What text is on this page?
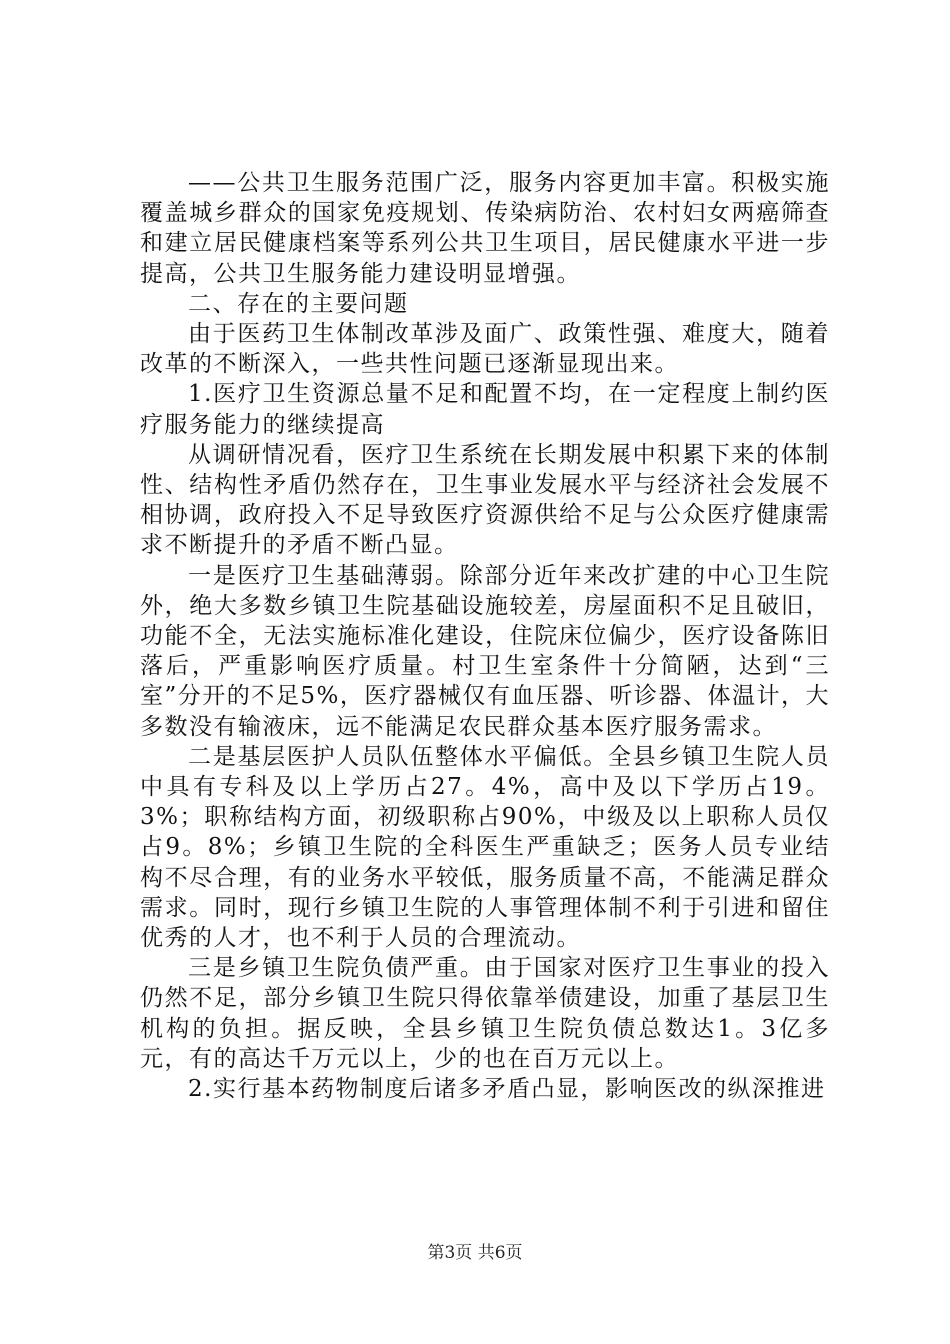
——公共卫生服务范围广泛，服务内容更加丰富。积极实施覆盖城乡群众的国家免疫规划、传染病防治、农村妇女两癌筛查和建立居民健康档案等系列公共卫生项目，居民健康水平进一步提高，公共卫生服务能力建设明显增强。

二、存在的主要问题

由于医药卫生体制改革涉及面广、政策性强、难度大，随着改革的不断深入，一些共性问题已逐渐显现出来。

1.医疗卫生资源总量不足和配置不均，在一定程度上制约医疗服务能力的继续提高

从调研情况看，医疗卫生系统在长期发展中积累下来的体制性、结构性矛盾仍然存在，卫生事业发展水平与经济社会发展不相协调，政府投入不足导致医疗资源供给不足与公众医疗健康需求不断提升的矛盾不断凸显。

一是医疗卫生基础薄弱。除部分近年来改扩建的中心卫生院外，绝大多数乡镇卫生院基础设施较差，房屋面积不足且破旧，功能不全，无法实施标准化建设，住院床位偏少，医疗设备陈旧落后，严重影响医疗质量。村卫生室条件十分简陋，达到“三室”分开的不足5%，医疗器械仅有血压器、听诊器、体温计，大多数没有输液床，远不能满足农民群众基本医疗服务需求。

二是基层医护人员队伍整体水平偏低。全县乡镇卫生院人员中具有专科及以上学历占27。4%，高中及以下学历占19。3%；职称结构方面，初级职称占90%，中级及以上职称人员仅占9。8%；乡镇卫生院的全科医生严重缺乏；医务人员专业结构不尽合理，有的业务水平较低，服务质量不高，不能满足群众需求。同时，现行乡镇卫生院的人事管理体制不利于引进和留住优秀的人才，也不利于人员的合理流动。

三是乡镇卫生院负债严重。由于国家对医疗卫生事业的投入仍然不足，部分乡镇卫生院只得依靠举债建设，加重了基层卫生机构的负担。据反映，全县乡镇卫生院负债总数达1。3亿多元，有的高达千万元以上，少的也在百万元以上。

2.实行基本药物制度后诸多矛盾凸显，影响医改的纵深推进

第3页 共6页
